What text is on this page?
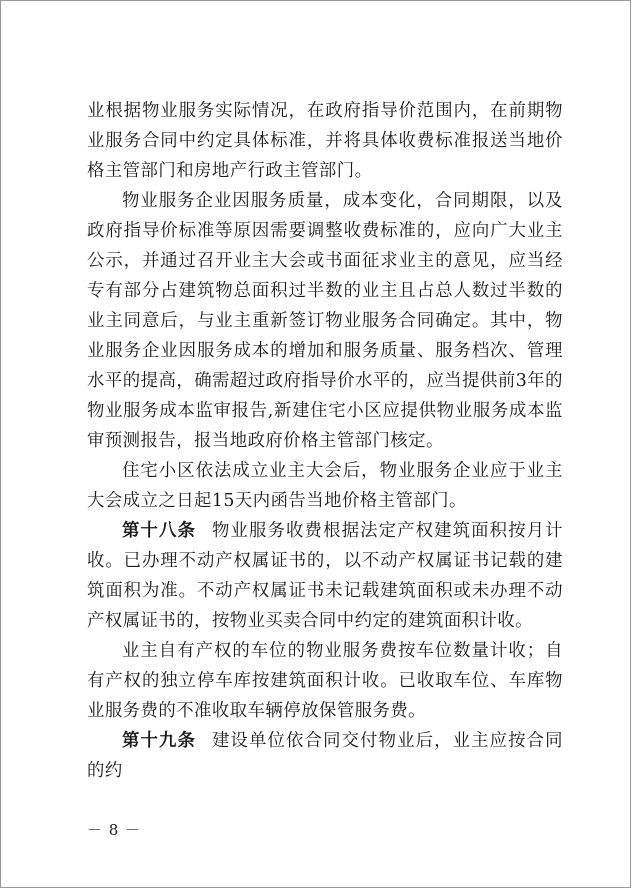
业根据物业服务实际情况，在政府指导价范围内，在前期物业服务合同中约定具体标准，并将具体收费标准报送当地价格主管部门和房地产行政主管部门。

物业服务企业因服务质量，成本变化，合同期限，以及政府指导价标准等原因需要调整收费标准的，应向广大业主公示，并通过召开业主大会或书面征求业主的意见，应当经专有部分占建筑物总面积过半数的业主且占总人数过半数的业主同意后，与业主重新签订物业服务合同确定。其中，物业服务企业因服务成本的增加和服务质量、服务档次、管理水平的提高，确需超过政府指导价水平的，应当提供前3年的物业服务成本监审报告,新建住宅小区应提供物业服务成本监审预测报告，报当地政府价格主管部门核定。

住宅小区依法成立业主大会后，物业服务企业应于业主大会成立之日起15天内函告当地价格主管部门。

第十八条 物业服务收费根据法定产权建筑面积按月计收。已办理不动产权属证书的，以不动产权属证书记载的建筑面积为准。不动产权属证书未记载建筑面积或未办理不动产权属证书的，按物业买卖合同中约定的建筑面积计收。

业主自有产权的车位的物业服务费按车位数量计收；自有产权的独立停车库按建筑面积计收。已收取车位、车库物业服务费的不准收取车辆停放保管服务费。

第十九条 建设单位依合同交付物业后，业主应按合同的约

－ 8 －
